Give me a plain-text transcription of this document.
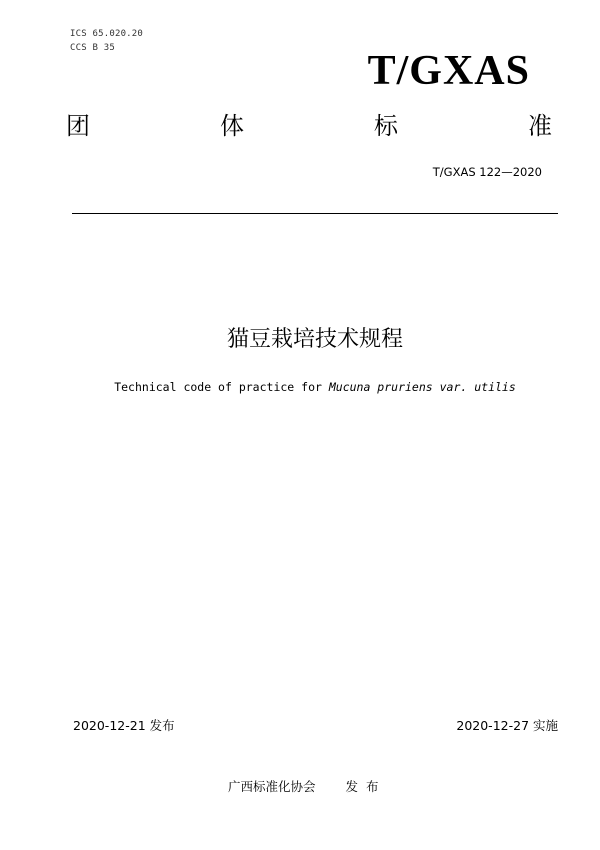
ICS 65.020.20
CCS B 35	T/GXAS
团	体	标	准
T/GXAS 122—2020
猫豆栽培技术规程
Technical code of practice for Mucuna pruriens var. utilis
2020-12-21 发布	2020-12-27 实施
广西标准化协会 发 布
